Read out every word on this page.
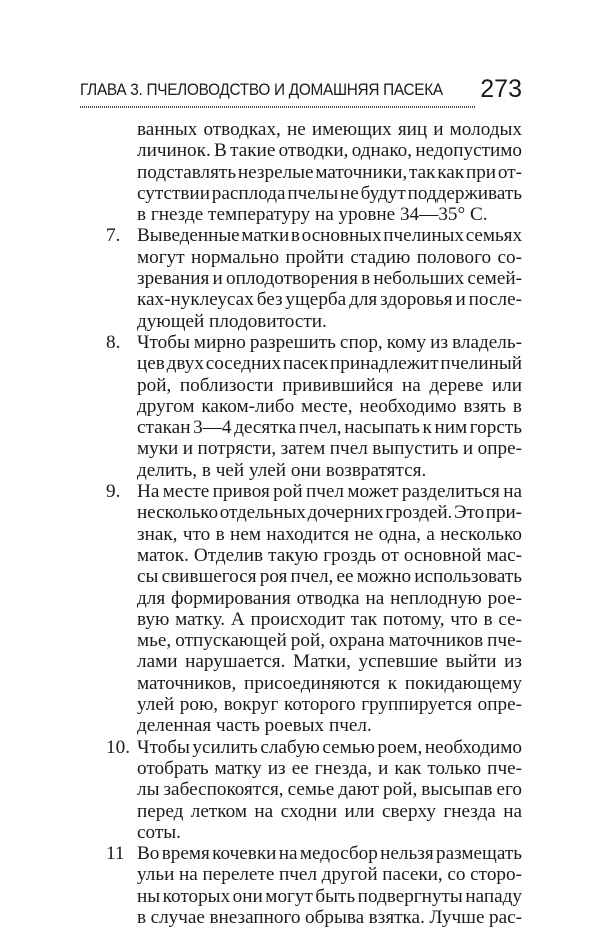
ГЛАВА 3. ПЧЕЛОВОДСТВО И ДОМАШНЯЯ ПАСЕКА 273
ванных отводках, не имеющих яиц и молодых
личинок. В такие отводки, однако, недопустимо
подставлять незрелые маточники, так как при от-
сутствии расплода пчелы не будут поддерживать
в гнезде температуру на уровне 34—35° С.
7. Выведенные матки в основных пчелиных семьях
могут нормально пройти стадию полового со-
зревания и оплодотворения в небольших семей-
ках-нуклеусах без ущерба для здоровья и после-
дующей плодовитости.
8. Чтобы мирно разрешить спор, кому из владель-
цев двух соседних пасек принадлежит пчелиный
рой, поблизости привившийся на дереве или
другом каком-либо месте, необходимо взять в
стакан 3—4 десятка пчел, насыпать к ним горсть
муки и потрясти, затем пчел выпустить и опре-
делить, в чей улей они возвратятся.
9. На месте привоя рой пчел может разделиться на
несколько отдельных дочерних гроздей. Это при-
знак, что в нем находится не одна, а несколько
маток. Отделив такую гроздь от основной мас-
сы свившегося роя пчел, ее можно использовать
для формирования отводка на неплодную рое-
вую матку. А происходит так потому, что в се-
мье, отпускающей рой, охрана маточников пче-
лами нарушается. Матки, успевшие выйти из
маточников, присоединяются к покидающему
улей рою, вокруг которого группируется опре-
деленная часть роевых пчел.
10. Чтобы усилить слабую семью роем, необходимо
отобрать матку из ее гнезда, и как только пче-
лы забеспокоятся, семье дают рой, высыпав его
перед летком на сходни или сверху гнезда на
соты.
11 Во время кочевки на медосбор нельзя размещать
ульи на перелете пчел другой пасеки, со сторо-
ны которых они могут быть подвергнуты нападу
в случае внезапного обрыва взятка. Лучше рас-
